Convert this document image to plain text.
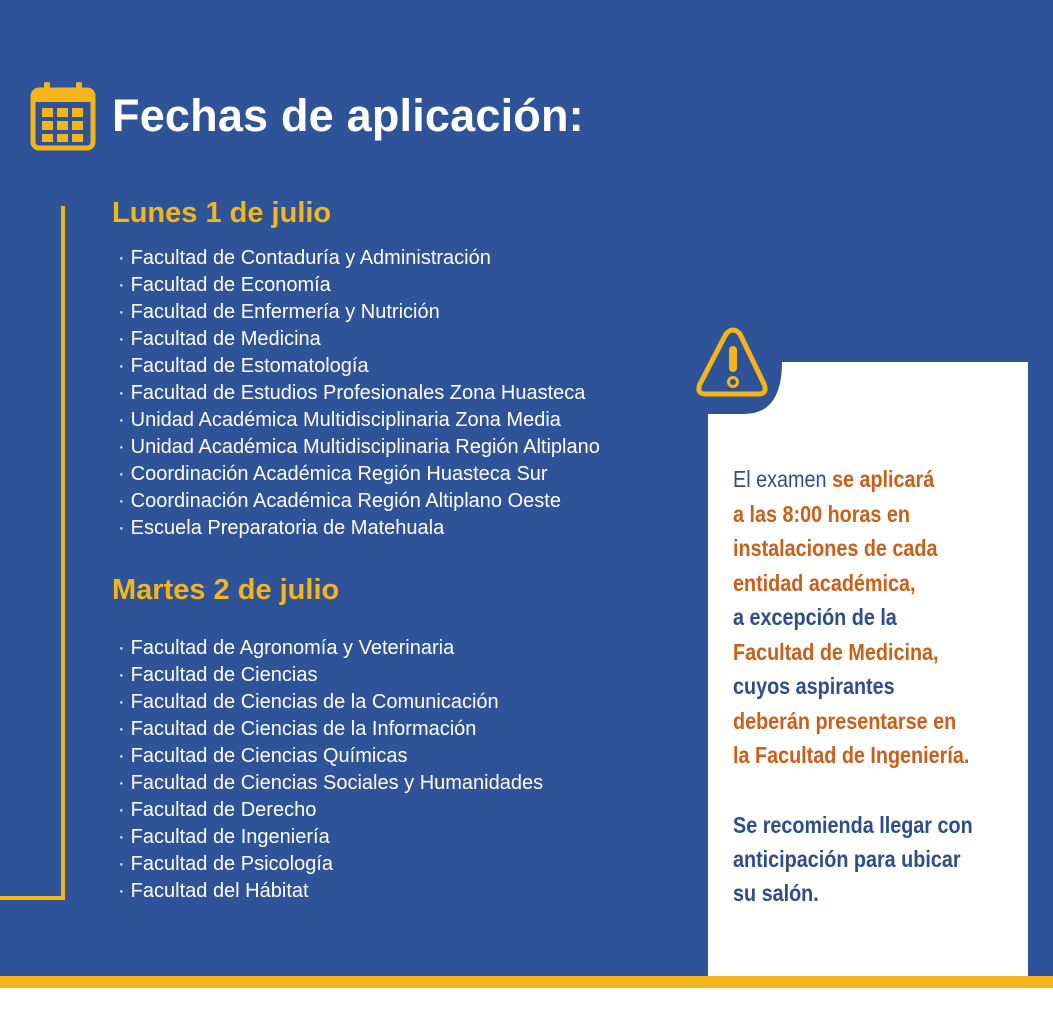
Fechas de aplicación:
Lunes 1 de julio
· Facultad de Contaduría y Administración
· Facultad de Economía
· Facultad de Enfermería y Nutrición
· Facultad de Medicina
· Facultad de Estomatología
· Facultad de Estudios Profesionales Zona Huasteca
· Unidad Académica Multidisciplinaria Zona Media
· Unidad Académica Multidisciplinaria Región Altiplano
· Coordinación Académica Región Huasteca Sur
· Coordinación Académica Región Altiplano Oeste
· Escuela Preparatoria de Matehuala
Martes 2 de julio
· Facultad de Agronomía y Veterinaria
· Facultad de Ciencias
· Facultad de Ciencias de la Comunicación
· Facultad de Ciencias de la Información
· Facultad de Ciencias Químicas
· Facultad de Ciencias Sociales y Humanidades
· Facultad de Derecho
· Facultad de Ingeniería
· Facultad de Psicología
· Facultad del Hábitat
El examen se aplicará
a las 8:00 horas en
instalaciones de cada
entidad académica,
a excepción de la
Facultad de Medicina,
cuyos aspirantes
deberán presentarse en
la Facultad de Ingeniería.
Se recomienda llegar con
anticipación para ubicar
su salón.
